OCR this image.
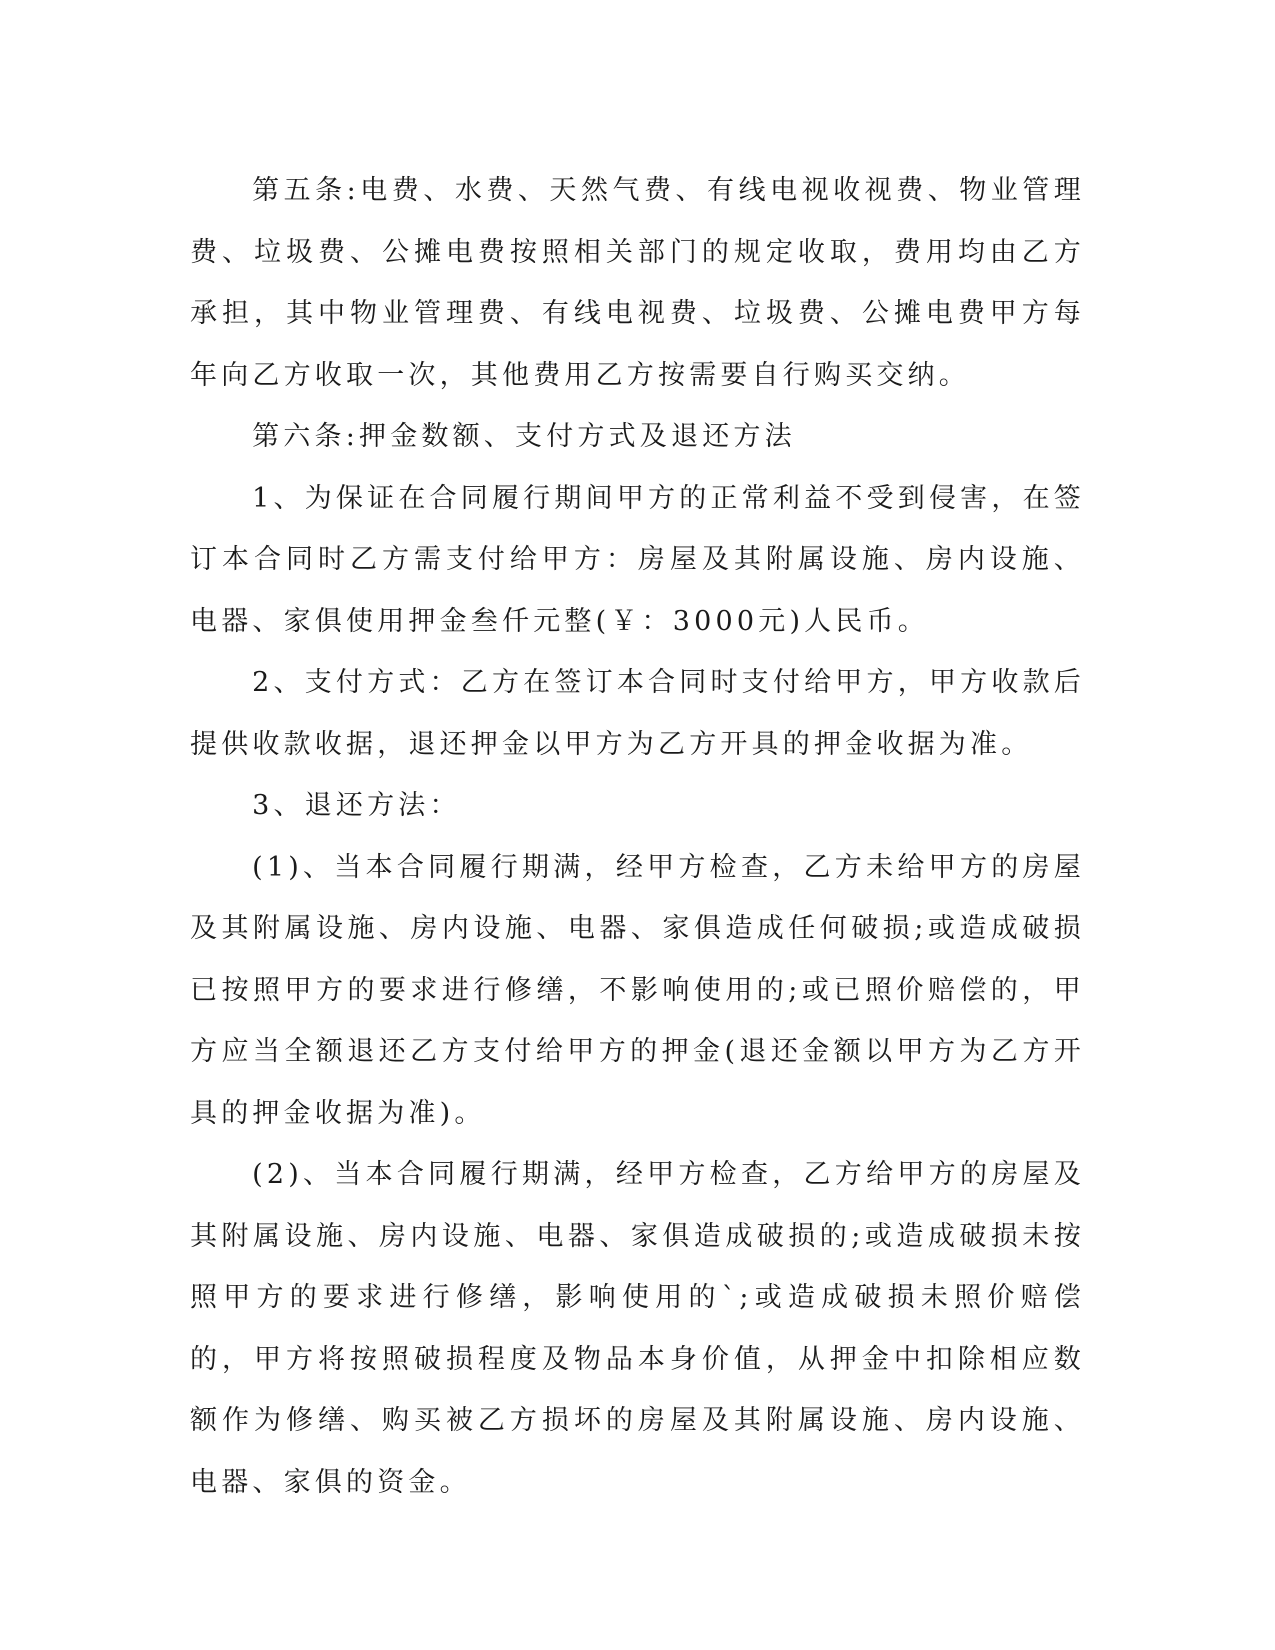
第五条:电费、水费、天然气费、有线电视收视费、物业管理费、垃圾费、公摊电费按照相关部门的规定收取，费用均由乙方承担，其中物业管理费、有线电视费、垃圾费、公摊电费甲方每年向乙方收取一次，其他费用乙方按需要自行购买交纳。

第六条:押金数额、支付方式及退还方法

1、为保证在合同履行期间甲方的正常利益不受到侵害，在签订本合同时乙方需支付给甲方：房屋及其附属设施、房内设施、电器、家俱使用押金叁仟元整(￥：3000元)人民币。

2、支付方式：乙方在签订本合同时支付给甲方，甲方收款后提供收款收据，退还押金以甲方为乙方开具的押金收据为准。

3、退还方法：

(1)、当本合同履行期满，经甲方检查，乙方未给甲方的房屋及其附属设施、房内设施、电器、家俱造成任何破损;或造成破损已按照甲方的要求进行修缮，不影响使用的;或已照价赔偿的，甲方应当全额退还乙方支付给甲方的押金(退还金额以甲方为乙方开具的押金收据为准)。

(2)、当本合同履行期满，经甲方检查，乙方给甲方的房屋及其附属设施、房内设施、电器、家俱造成破损的;或造成破损未按照甲方的要求进行修缮，影响使用的`;或造成破损未照价赔偿的，甲方将按照破损程度及物品本身价值，从押金中扣除相应数额作为修缮、购买被乙方损坏的房屋及其附属设施、房内设施、电器、家俱的资金。
